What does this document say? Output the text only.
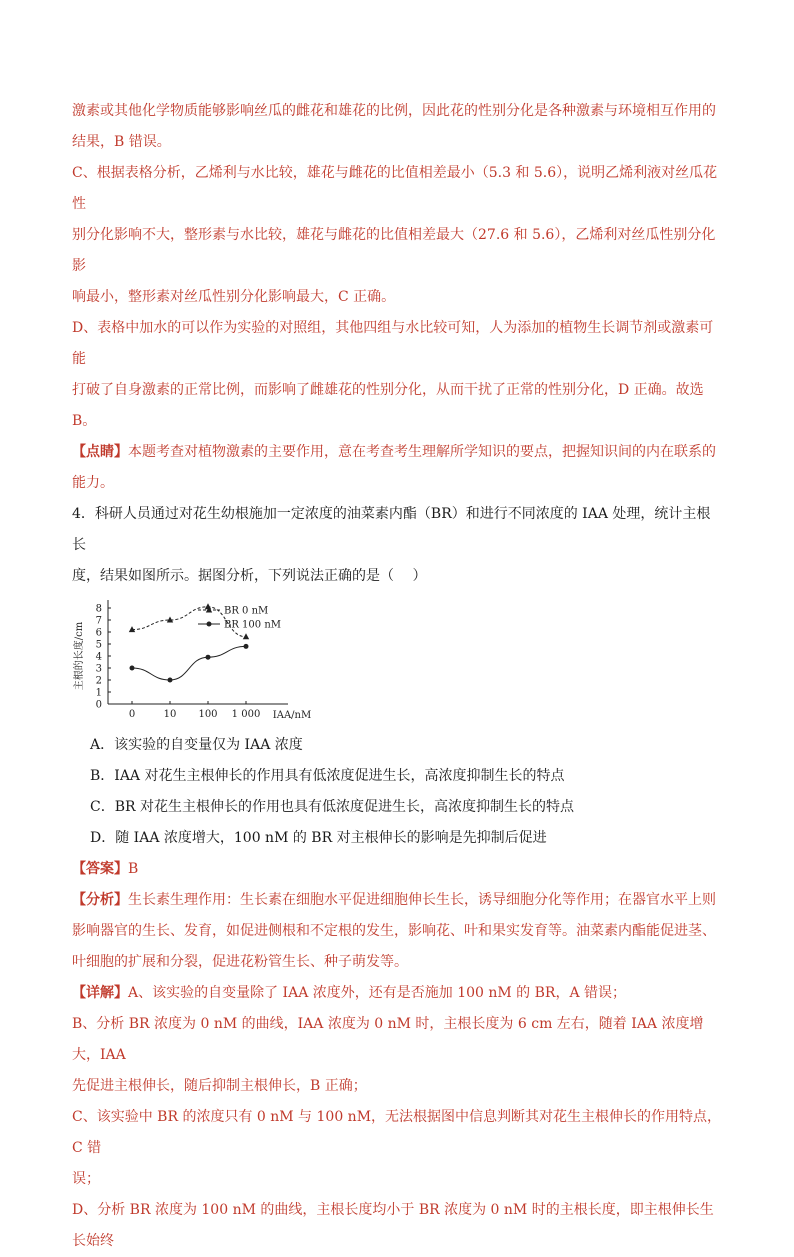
激素或其他化学物质能够影响丝瓜的雌花和雄花的比例，因此花的性别分化是各种激素与环境相互作用的

结果，B 错误。

C、根据表格分析，乙烯利与水比较，雄花与雌花的比值相差最小（5.3 和 5.6），说明乙烯利液对丝瓜花性

别分化影响不大，整形素与水比较，雄花与雌花的比值相差最大（27.6 和 5.6），乙烯利对丝瓜性别分化影

响最小，整形素对丝瓜性别分化影响最大，C 正确。

D、表格中加水的可以作为实验的对照组，其他四组与水比较可知，人为添加的植物生长调节剂或激素可能

打破了自身激素的正常比例，而影响了雌雄花的性别分化，从而干扰了正常的性别分化，D 正确。故选 B。

【点睛】本题考查对植物激素的主要作用，意在考查考生理解所学知识的要点，把握知识间的内在联系的

能力。

4．科研人员通过对花生幼根施加一定浓度的油菜素内酯（BR）和进行不同浓度的 IAA 处理，统计主根长

度，结果如图所示。据图分析，下列说法正确的是（　 ）

0
1
2
3
4
5
6
7
8
0	10 100 1 000 IAA/nM
主根的长度/cm
BR 0 nM
BR 100 nM

A．该实验的自变量仅为 IAA 浓度

B．IAA 对花生主根伸长的作用具有低浓度促进生长，高浓度抑制生长的特点

C．BR 对花生主根伸长的作用也具有低浓度促进生长，高浓度抑制生长的特点

D．随 IAA 浓度增大，100 nM 的 BR 对主根伸长的影响是先抑制后促进

【答案】B

【分析】生长素生理作用：生长素在细胞水平促进细胞伸长生长，诱导细胞分化等作用；在器官水平上则

影响器官的生长、发育，如促进侧根和不定根的发生，影响花、叶和果实发育等。油菜素内酯能促进茎、

叶细胞的扩展和分裂，促进花粉管生长、种子萌发等。

【详解】A、该实验的自变量除了 IAA 浓度外，还有是否施加 100 nM 的 BR，A 错误；

B、分析 BR 浓度为 0 nM 的曲线，IAA 浓度为 0 nM 时，主根长度为 6 cm 左右，随着 IAA 浓度增大，IAA

先促进主根伸长，随后抑制主根伸长，B 正确；

C、该实验中 BR 的浓度只有 0 nM 与 100 nM，无法根据图中信息判断其对花生主根伸长的作用特点，C 错

误；

D、分析 BR 浓度为 100 nM 的曲线，主根长度均小于 BR 浓度为 0 nM 时的主根长度，即主根伸长生长始终
